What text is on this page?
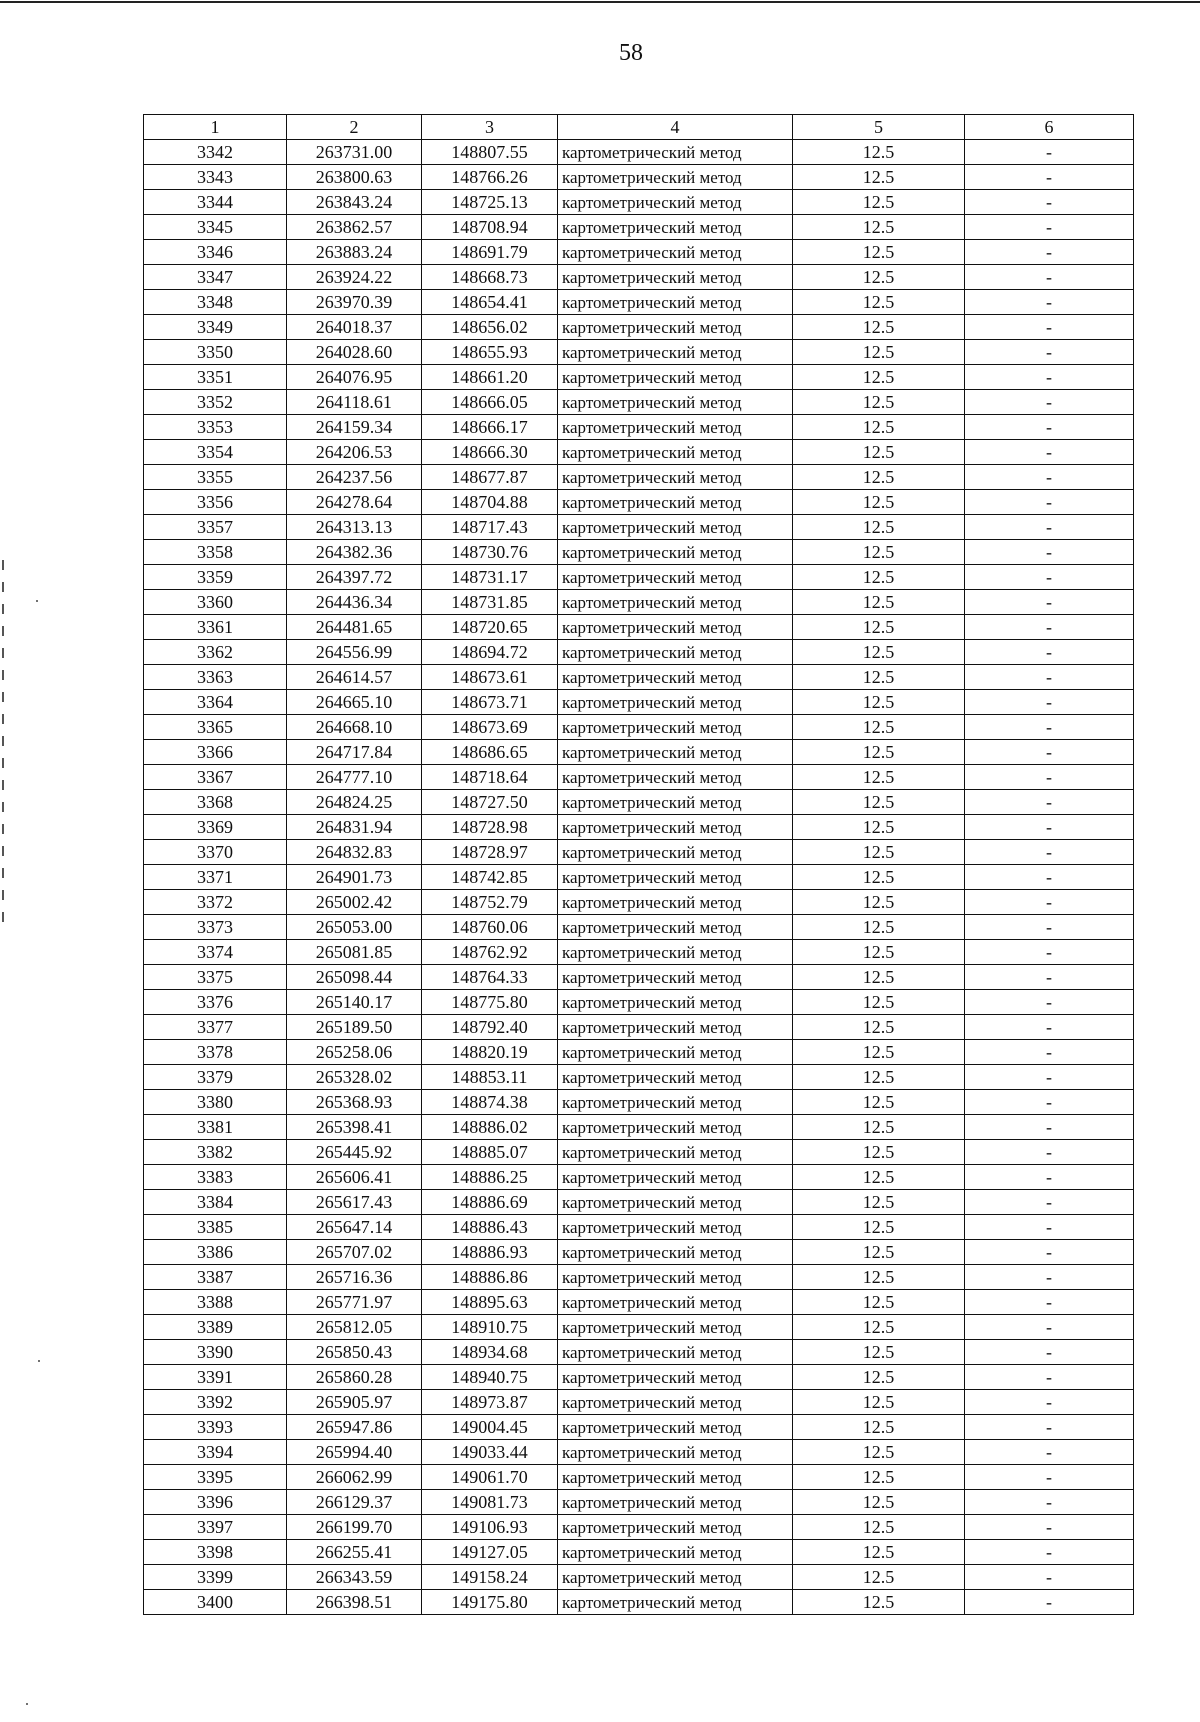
58
1	2	3	4	5	6
3342	263731.00	148807.55	картометрический метод	12.5	-
3343	263800.63	148766.26	картометрический метод	12.5	-
3344	263843.24	148725.13	картометрический метод	12.5	-
3345	263862.57	148708.94	картометрический метод	12.5	-
3346	263883.24	148691.79	картометрический метод	12.5	-
3347	263924.22	148668.73	картометрический метод	12.5	-
3348	263970.39	148654.41	картометрический метод	12.5	-
3349	264018.37	148656.02	картометрический метод	12.5	-
3350	264028.60	148655.93	картометрический метод	12.5	-
3351	264076.95	148661.20	картометрический метод	12.5	-
3352	264118.61	148666.05	картометрический метод	12.5	-
3353	264159.34	148666.17	картометрический метод	12.5	-
3354	264206.53	148666.30	картометрический метод	12.5	-
3355	264237.56	148677.87	картометрический метод	12.5	-
3356	264278.64	148704.88	картометрический метод	12.5	-
3357	264313.13	148717.43	картометрический метод	12.5	-
3358	264382.36	148730.76	картометрический метод	12.5	-
3359	264397.72	148731.17	картометрический метод	12.5	-
3360	264436.34	148731.85	картометрический метод	12.5	-
3361	264481.65	148720.65	картометрический метод	12.5	-
3362	264556.99	148694.72	картометрический метод	12.5	-
3363	264614.57	148673.61	картометрический метод	12.5	-
3364	264665.10	148673.71	картометрический метод	12.5	-
3365	264668.10	148673.69	картометрический метод	12.5	-
3366	264717.84	148686.65	картометрический метод	12.5	-
3367	264777.10	148718.64	картометрический метод	12.5	-
3368	264824.25	148727.50	картометрический метод	12.5	-
3369	264831.94	148728.98	картометрический метод	12.5	-
3370	264832.83	148728.97	картометрический метод	12.5	-
3371	264901.73	148742.85	картометрический метод	12.5	-
3372	265002.42	148752.79	картометрический метод	12.5	-
3373	265053.00	148760.06	картометрический метод	12.5	-
3374	265081.85	148762.92	картометрический метод	12.5	-
3375	265098.44	148764.33	картометрический метод	12.5	-
3376	265140.17	148775.80	картометрический метод	12.5	-
3377	265189.50	148792.40	картометрический метод	12.5	-
3378	265258.06	148820.19	картометрический метод	12.5	-
3379	265328.02	148853.11	картометрический метод	12.5	-
3380	265368.93	148874.38	картометрический метод	12.5	-
3381	265398.41	148886.02	картометрический метод	12.5	-
3382	265445.92	148885.07	картометрический метод	12.5	-
3383	265606.41	148886.25	картометрический метод	12.5	-
3384	265617.43	148886.69	картометрический метод	12.5	-
3385	265647.14	148886.43	картометрический метод	12.5	-
3386	265707.02	148886.93	картометрический метод	12.5	-
3387	265716.36	148886.86	картометрический метод	12.5	-
3388	265771.97	148895.63	картометрический метод	12.5	-
3389	265812.05	148910.75	картометрический метод	12.5	-
3390	265850.43	148934.68	картометрический метод	12.5	-
3391	265860.28	148940.75	картометрический метод	12.5	-
3392	265905.97	148973.87	картометрический метод	12.5	-
3393	265947.86	149004.45	картометрический метод	12.5	-
3394	265994.40	149033.44	картометрический метод	12.5	-
3395	266062.99	149061.70	картометрический метод	12.5	-
3396	266129.37	149081.73	картометрический метод	12.5	-
3397	266199.70	149106.93	картометрический метод	12.5	-
3398	266255.41	149127.05	картометрический метод	12.5	-
3399	266343.59	149158.24	картометрический метод	12.5	-
3400	266398.51	149175.80	картометрический метод	12.5	-
